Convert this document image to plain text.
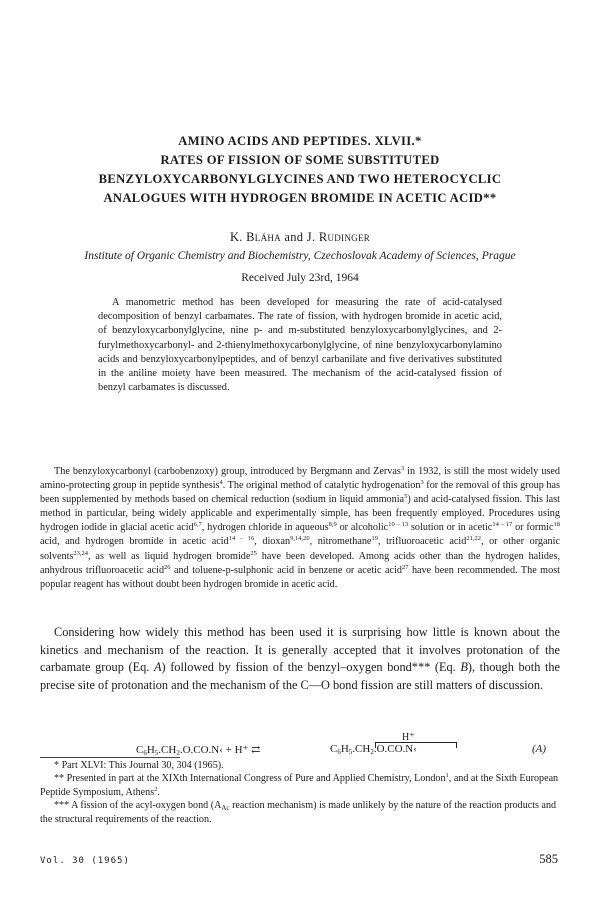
AMINO ACIDS AND PEPTIDES. XLVII.*
RATES OF FISSION OF SOME SUBSTITUTED
BENZYLOXYCARBONYLGLYCINES AND TWO HETEROCYCLIC
ANALOGUES WITH HYDROGEN BROMIDE IN ACETIC ACID**
K. Bláha and J. Rudinger
Institute of Organic Chemistry and Biochemistry, Czechoslovak Academy of Sciences, Prague
Received July 23rd, 1964

A manometric method has been developed for measuring the rate of acid-catalysed decomposition of benzyl carbamates. The rate of fission, with hydrogen bromide in acetic acid, of benzyloxycarbonylglycine, nine p- and m-substituted benzyloxycarbonylglycines, and 2-furylmethoxycarbonyl- and 2-thienylmethoxycarbonylglycine, of nine benzyloxycarbonylamino acids and benzyloxycarbonylpeptides, and of benzyl carbanilate and five derivatives substituted in the aniline moiety have been measured. The mechanism of the acid-catalysed fission of benzyl carbamates is discussed.

The benzyloxycarbonyl (carbobenzoxy) group, introduced by Bergmann and Zervas$^3$ in 1932, is still the most widely used amino-protecting group in peptide synthesis$^4$. The original method of catalytic hydrogenation$^3$ for the removal of this group has been supplemented by methods based on chemical reduction (sodium in liquid ammonia$^5$) and acid-catalysed fission. This last method in particular, being widely applicable and experimentally simple, has been frequently employed. Procedures using hydrogen iodide in glacial acetic acid$^{6,7}$, hydrogen chloride in aqueous$^{8,9}$ or alcoholic$^{10 - 13}$ solution or in acetic$^{14 - 17}$ or formic$^{18}$ acid, and hydrogen bromide in acetic acid$^{14 - 16}$, dioxan$^{9,14,20}$, nitromethane$^{19}$, trifluoroacetic acid$^{21,22}$, or other organic solvents$^{23,24}$, as well as liquid hydrogen bromide$^{25}$ have been developed. Among acids other than the hydrogen halides, anhydrous trifluoroacetic acid$^{26}$ and toluene-p-sulphonic acid in benzene or acetic acid$^{27}$ have been recommended. The most popular reagent has without doubt been hydrogen bromide in acetic acid.

Considering how widely this method has been used it is surprising how little is known about the kinetics and mechanism of the reaction. It is generally accepted that it involves protonation of the carbamate group (Eq. A) followed by fission of the benzyl–oxygen bond*** (Eq. B), though both the precise site of protonation and the mechanism of the C—O bond fission are still matters of discussion.

H⁺
$C_6H_5.CH_2.O.CO.N‹ + H^+$ ⇄	$C_6H_5.CH_2.O.CO.N‹$	(A)

* Part XLVI: This Journal 30, 304 (1965).

** Presented in part at the XIXth International Congress of Pure and Applied Chemistry, London$^1$, and at the Sixth European Peptide Symposium, Athens$^2$.

*** A fission of the acyl-oxygen bond ($A_{Ac}$ reaction mechanism) is made unlikely by the nature of the reaction products and the structural requirements of the reaction.

Vol. 30 (1965)	585
